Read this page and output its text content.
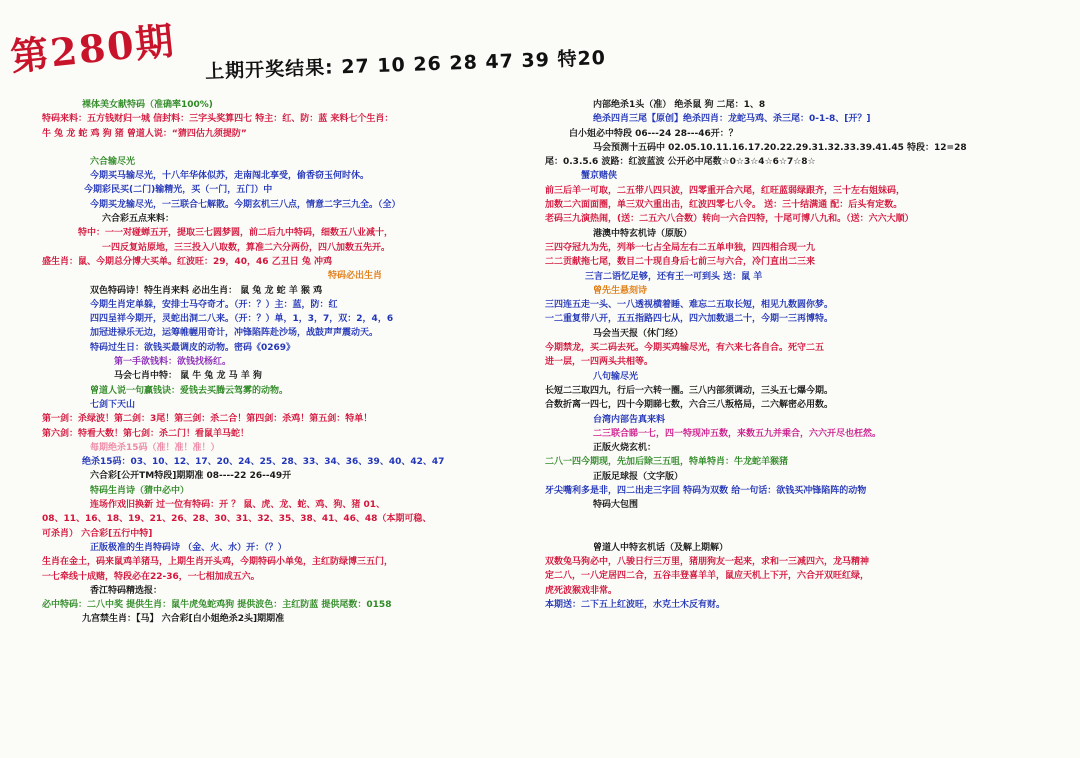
第280期 上期开奖结果: 27 10 26 28 47 39 特20
裸体美女献特码（准确率100%)
特码来料：五方钱财归一城 信封料：三字头奖算四七 特主：红、防：蓝 来料七个生肖：
牛 兔 龙 蛇 鸡 狗 猪 曾道人说：“猜四估九须提防”
六合输尽光
今期买马输尽光，十八年华体似苏，走南闯北享受，偷香窃玉何时休。
今期彩民买(二门)输精光，买（一门，五门）中
今期买龙输尽光，一三联合七解散。今期玄机三八点，情意二字三九全。（全）
六合彩五点来料：
特中：一一对碰蝉五开，提取三七圆梦圆，前二后九中特码，细数五八业减十，
一四反复站原地，三三投入八取数，算准二六分两份，四八加数五先开。
盛生肖：鼠、今期总分博大买单。红波旺：29，40，46 乙丑日 兔 冲鸡
特码必出生肖
双色特码诗！特生肖来料 必出生肖： 鼠 兔 龙 蛇 羊 猴 鸡
今期生肖定单躲，安排士马夺奇才。（开：？）主：蓝，防：红
四四呈祥今期开，灵蛇出洞二八来。（开：？）单，1，3，7，双：2，4，6
加冠进禄乐无边，运筹帷幄用奇计，冲锋陷阵赴沙场，战鼓声声震动天。
特码过生日：欲钱买最调皮的动物。密码《0269》
第一手欲钱料：欲钱找杨红。
马会七肖中特： 鼠 牛 兔 龙 马 羊 狗
曾道人说一句赢钱诀：爱钱去买腾云驾雾的动物。
七剑下天山
第一剑：杀绿波！第二剑：3尾！第三剑：杀二合！第四剑：杀鸡！第五剑：特单！
第六剑：特看大数！第七剑：杀二门！看鼠羊马蛇！
每期绝杀15码（准！准！准！）
绝杀15码：03、10、12、17、20、24、25、28、33、34、36、39、40、42、47
六合彩[公开TM特段]期期准 08----22 26--49开
特码生肖诗（猜中必中）
连场作戏旧换新 过一位有特码：开 ？ 鼠、虎、龙、蛇、鸡、狗、猪 01、
08、11、16、18、19、21、26、28、30、31、32、35、38、41、46、48（本期可稳、
可杀肖） 六合彩[五行中特]
正版极准的生肖特码诗 （金、火、水）开：（？）
生肖在金土，码来鼠鸡羊猪马，上期生肖开头鸡，今期特码小单兔，主红防绿博三五门，
一七牵线十成赌，特段必在22-36，一七相加成五六。
香江特码精选报：
必中特码：二八中奖 提供生肖：鼠牛虎兔蛇鸡狗 提供波色：主红防蓝 提供尾数：0158
九宫禁生肖：【马】 六合彩[白小姐绝杀2头]期期准
内部绝杀1头（准） 绝杀鼠 狗 二尾：1、8
绝杀四肖三尾【原创】绝杀四肖：龙蛇马鸡、杀三尾：0-1-8、[开？]
白小姐必中特段 06---24 28---46开：？
马会预测十五码中 02.05.10.11.16.17.20.22.29.31.32.33.39.41.45 特段：12=28
尾：0.3.5.6 波路：红波蓝波 公开必中尾数☆0☆3☆4☆6☆7☆8☆
蟹京赌侠
前三后羊一可取，二五带八四只波，四零重开合六尾，红旺蓝弱绿跟齐，三十左右姐妹码，
加数二六面面圈，单三双六重出击，红波四零七八令。 送：三十结满通 配：后头有定数。
老码三九演热闹，(送：二五六八合数）转向一六合四特，十尾可博八九和。（送：六六大顺）
港澳中特玄机诗（原版）
三四夺冠九为先，列举一七占全局左右二五单申独，四四相合现一九
二二贡献拖七尾，数目二十现自身后七前三与六合，冷门直出二三来
三言二语忆足够，还有王一可到头 送：鼠 羊
曾先生悬刻诗
三四连五走一头、一八透视横着睡、难忘二五取长短，相见九数圆你梦。
一二重复带八开，五五指路四七从，四六加数退二十，今期一三再博特。
马会当天报（休门经）
今期禁龙，买二码去死。今期买鸡输尽光，有六来七各自合。死守二五
进一层，一四两头共相等。
八句输尽光
长短二三取四九，行后一六转一圈。三八内部须调动，三头五七爆今期。
合数折离一四七，四十今期睇七数，六合三八叛格局，二六解密必用数。
台湾内部告真来料
二三联合睇一七，四一特现冲五数，来数五九并乘合，六六开尽也枉然。
正版火烧玄机：
二八一四今期现，先加后除三五咀，特单特肖：牛龙蛇羊猴猪
正版足球报（文字版）
牙尖嘴利多是非，四二出走三字回 特码为双数 给一句话：欲钱买冲锋陷阵的动物
特码大包围
曾道人中特玄机话（及解上期解）
双数兔马狗必中，八骏日行三万里，猪朋狗友一起来，求和一三减四六，龙马精神
定二八，一八定居四二合，五谷丰登喜羊羊，鼠应天机上下开，六合开双旺红绿，
虎死波猴戏非常。
本期送：二下五上红波旺，水克土木反有财。
